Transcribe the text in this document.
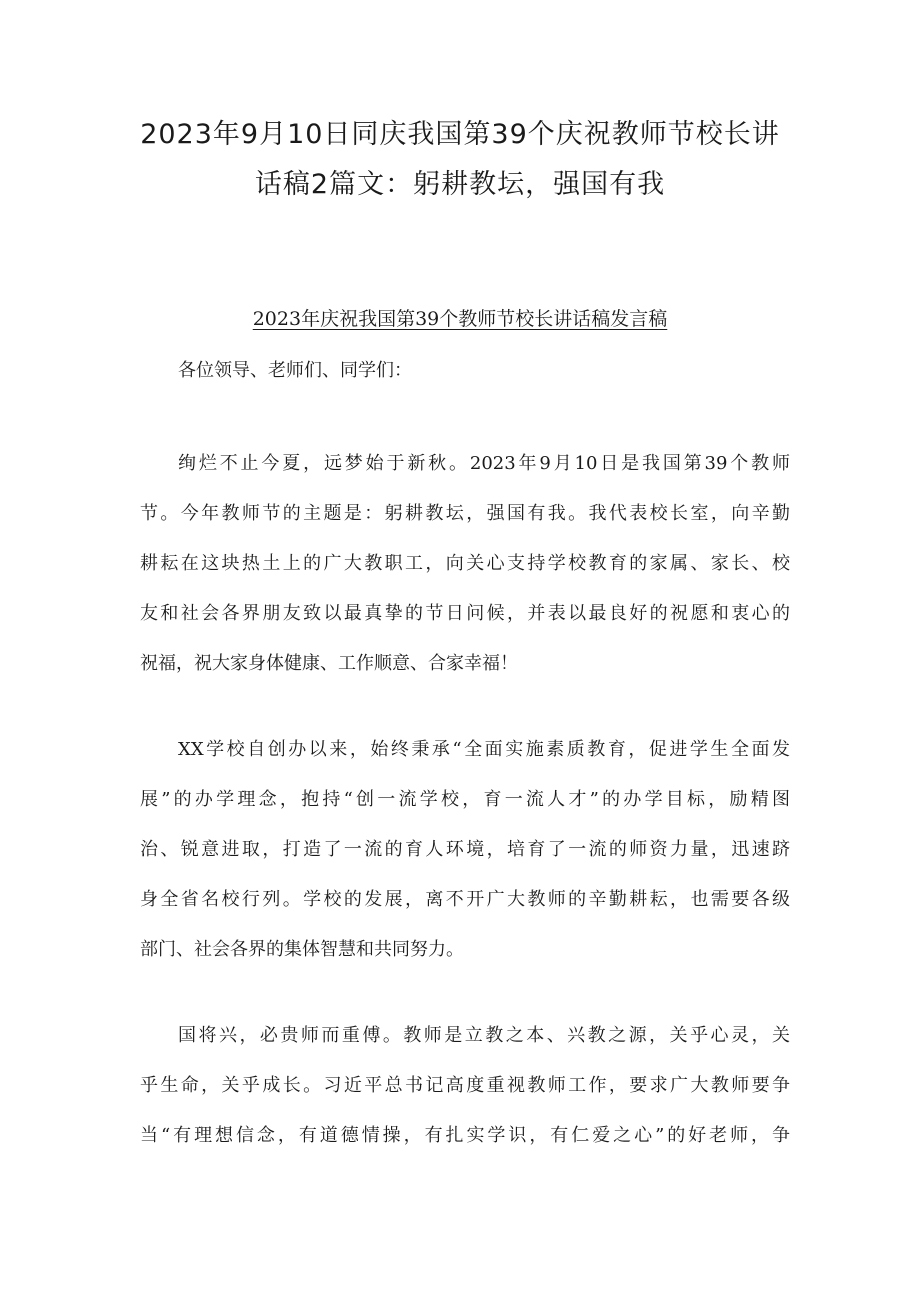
2023年9月10日同庆我国第39个庆祝教师节校长讲
话稿2篇文：躬耕教坛，强国有我

2023年庆祝我国第39个教师节校长讲话稿发言稿

各位领导、老师们、同学们：

绚烂不止今夏，远梦始于新秋。2023年9月10日是我国第39个教师
节。今年教师节的主题是：躬耕教坛，强国有我。我代表校长室，向辛勤
耕耘在这块热土上的广大教职工，向关心支持学校教育的家属、家长、校
友和社会各界朋友致以最真挚的节日问候，并表以最良好的祝愿和衷心的
祝福，祝大家身体健康、工作顺意、合家幸福！
XX学校自创办以来，始终秉承“全面实施素质教育，促进学生全面发
展”的办学理念，抱持“创一流学校，育一流人才”的办学目标，励精图
治、锐意进取，打造了一流的育人环境，培育了一流的师资力量，迅速跻
身全省名校行列。学校的发展，离不开广大教师的辛勤耕耘，也需要各级
部门、社会各界的集体智慧和共同努力。
国将兴，必贵师而重傅。教师是立教之本、兴教之源，关乎心灵，关
乎生命，关乎成长。习近平总书记高度重视教师工作，要求广大教师要争
当“有理想信念，有道德情操，有扎实学识，有仁爱之心”的好老师，争
